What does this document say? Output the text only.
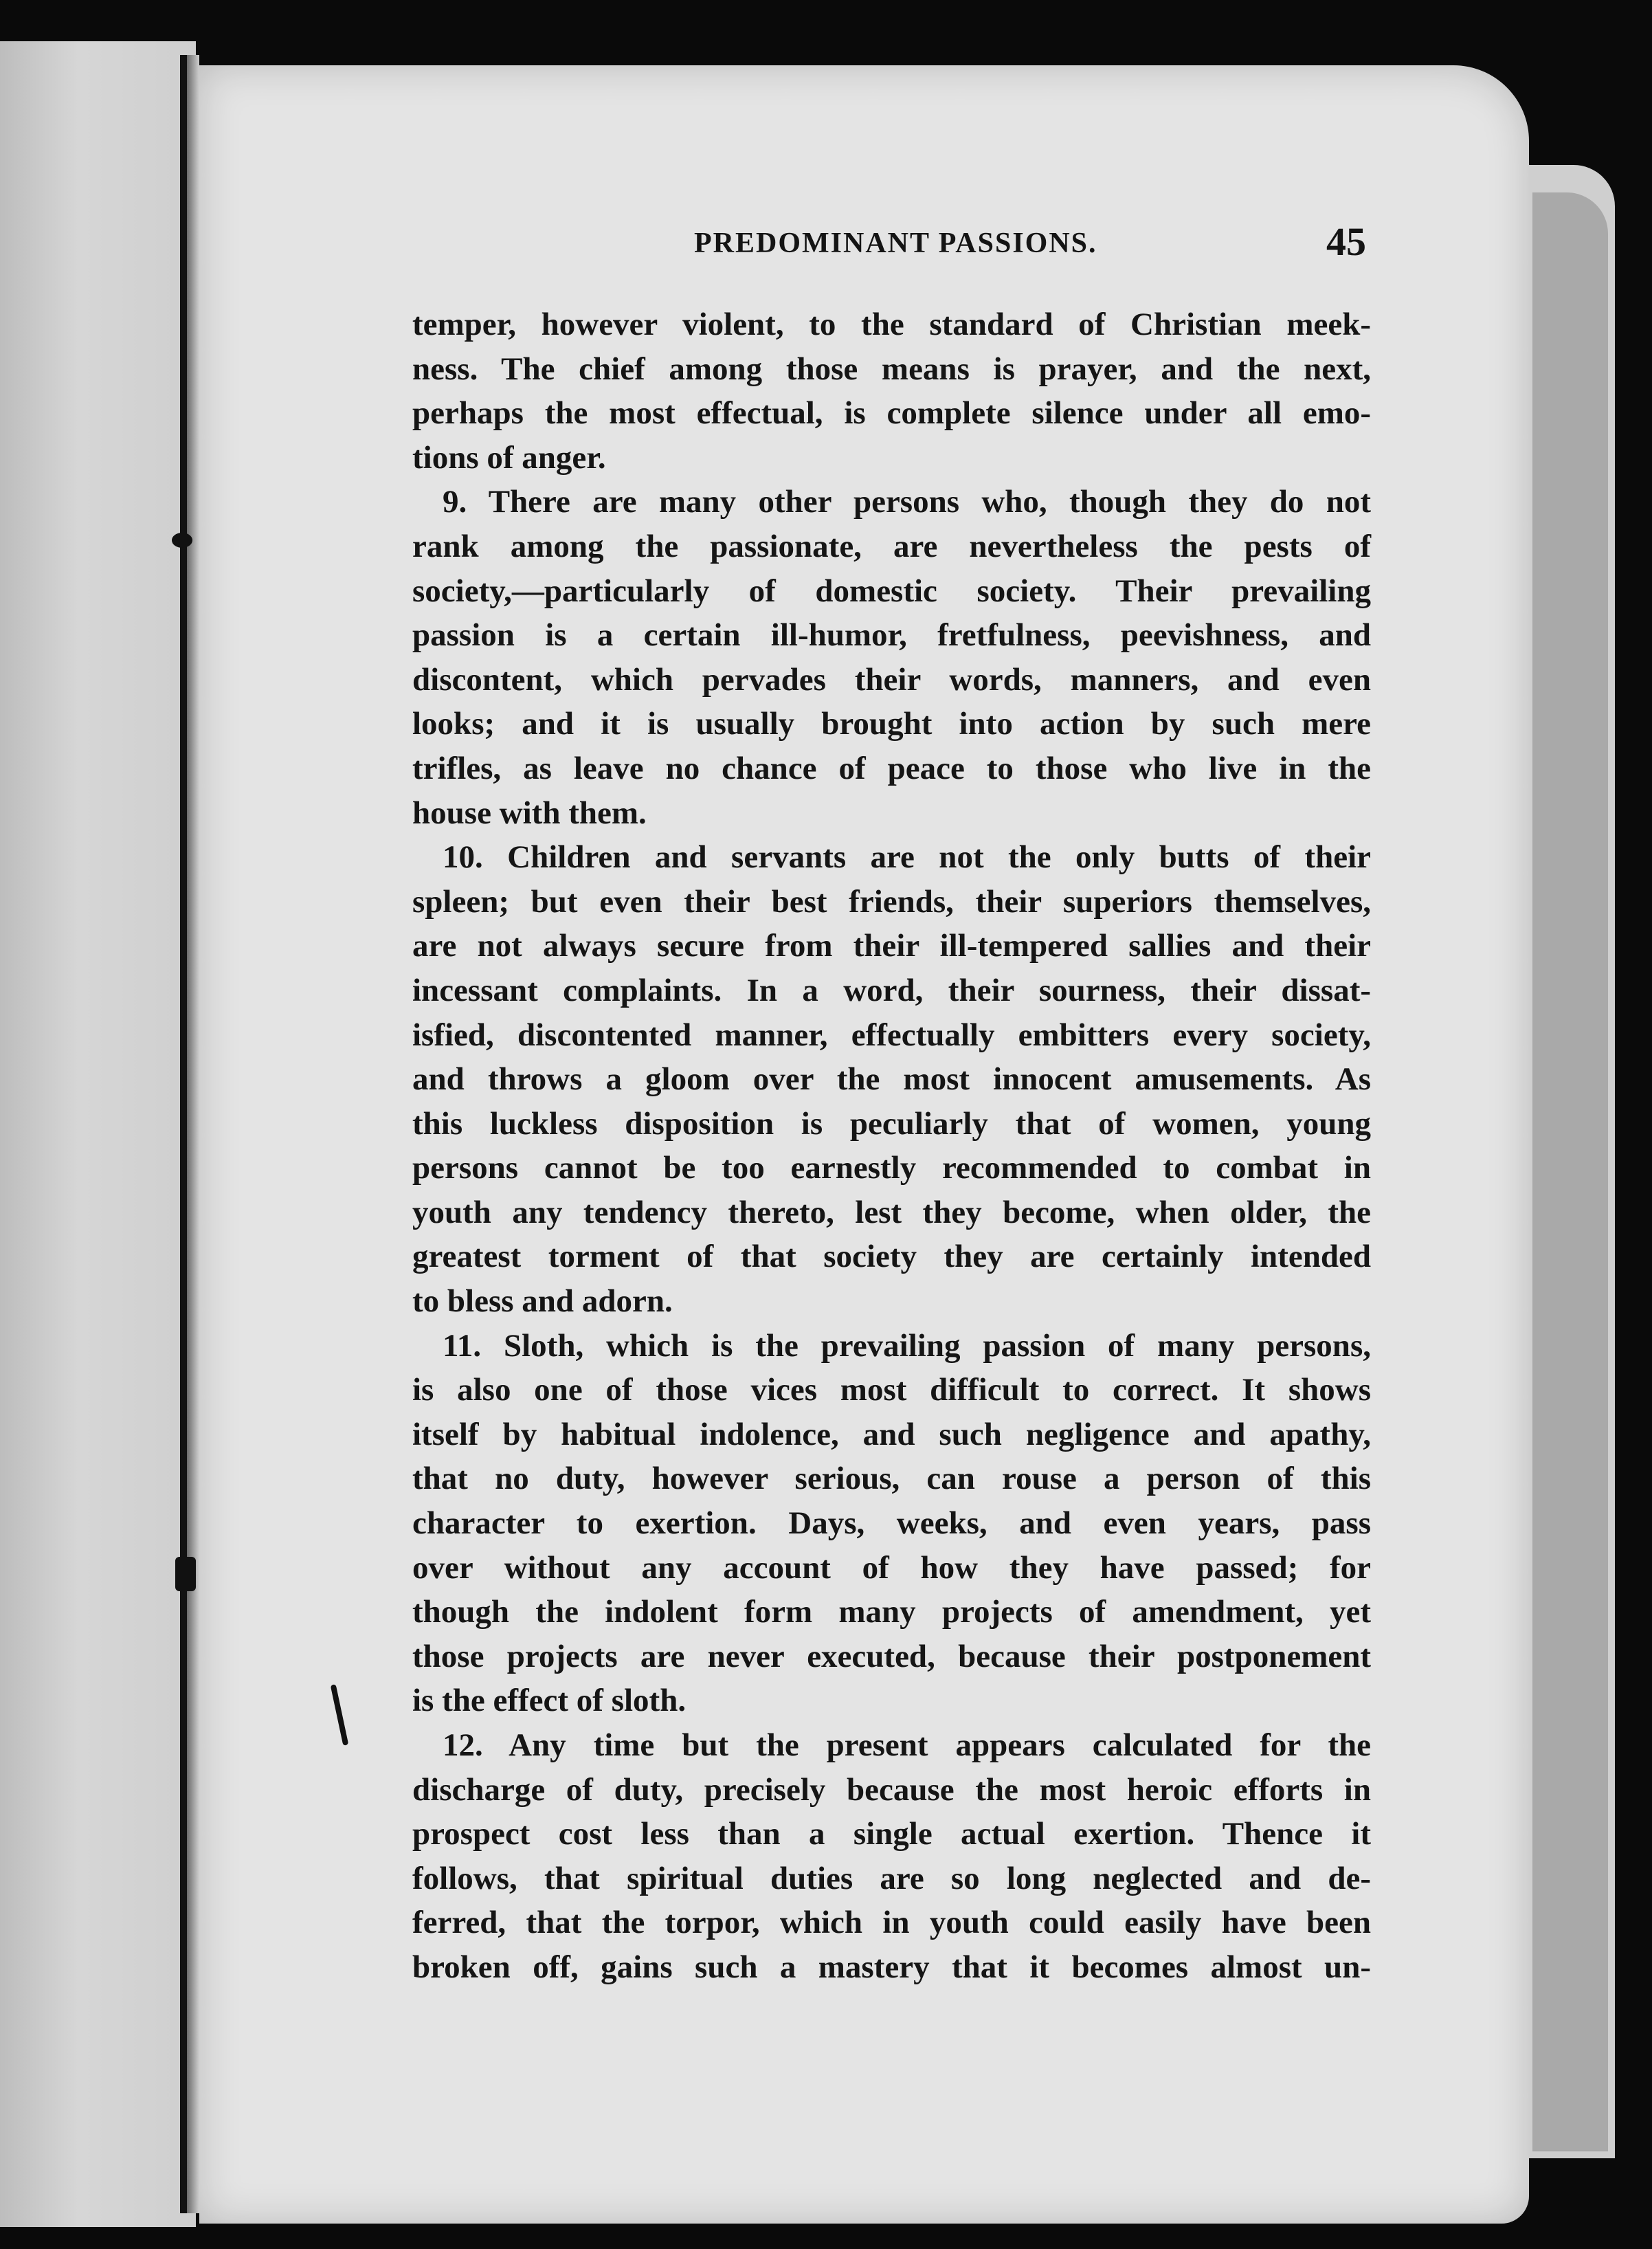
PREDOMINANT PASSIONS.	45
temper, however violent, to the standard of Christian meek-
ness. The chief among those means is prayer, and the next,
perhaps the most effectual, is complete silence under all emo-
tions of anger.
9. There are many other persons who, though they do not
rank among the passionate, are nevertheless the pests of
society,—particularly of domestic society. Their prevailing
passion is a certain ill-humor, fretfulness, peevishness, and
discontent, which pervades their words, manners, and even
looks; and it is usually brought into action by such mere
trifles, as leave no chance of peace to those who live in the
house with them.
10. Children and servants are not the only butts of their
spleen; but even their best friends, their superiors themselves,
are not always secure from their ill-tempered sallies and their
incessant complaints. In a word, their sourness, their dissat-
isfied, discontented manner, effectually embitters every society,
and throws a gloom over the most innocent amusements. As
this luckless disposition is peculiarly that of women, young
persons cannot be too earnestly recommended to combat in
youth any tendency thereto, lest they become, when older, the
greatest torment of that society they are certainly intended
to bless and adorn.
11. Sloth, which is the prevailing passion of many persons,
is also one of those vices most difficult to correct. It shows
itself by habitual indolence, and such negligence and apathy,
that no duty, however serious, can rouse a person of this
character to exertion. Days, weeks, and even years, pass
over without any account of how they have passed; for
though the indolent form many projects of amendment, yet
those projects are never executed, because their postponement
is the effect of sloth.
12. Any time but the present appears calculated for the
discharge of duty, precisely because the most heroic efforts in
prospect cost less than a single actual exertion. Thence it
follows, that spiritual duties are so long neglected and de-
ferred, that the torpor, which in youth could easily have been
broken off, gains such a mastery that it becomes almost un-
